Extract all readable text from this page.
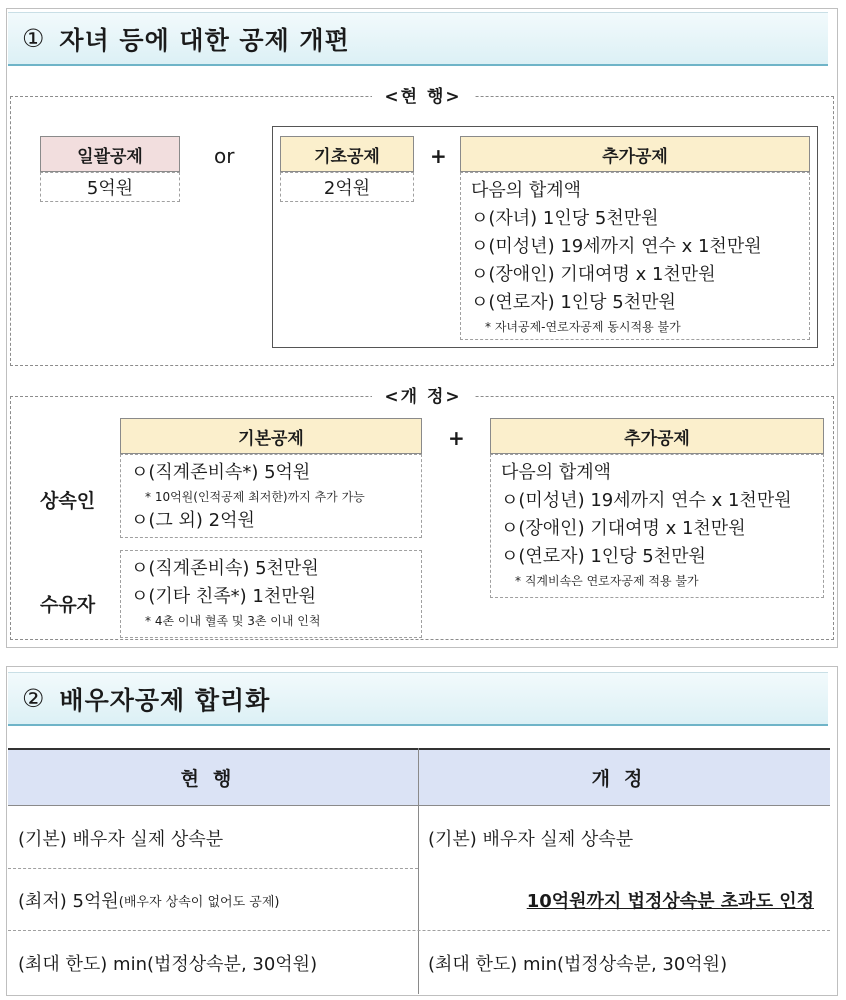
① 자녀 등에 대한 공제 개편
<현 행>
일괄공제
5억원
or	기초공제
2억원
+	추가공제
다음의 합계액
ㅇ(자녀) 1인당 5천만원
ㅇ(미성년) 19세까지 연수 x 1천만원
ㅇ(장애인) 기대여명 x 1천만원
ㅇ(연로자) 1인당 5천만원
* 자녀공제-연로자공제 동시적용 불가
<개 정>
기본공제
상속인
ㅇ(직계존비속*) 5억원
* 10억원(인적공제 최저한)까지 추가 가능
ㅇ(그 외) 2억원
수유자
ㅇ(직계존비속) 5천만원
ㅇ(기타 친족*) 1천만원
* 4촌 이내 혈족 및 3촌 이내 인척
+	추가공제
다음의 합계액
ㅇ(미성년) 19세까지 연수 x 1천만원
ㅇ(장애인) 기대여명 x 1천만원
ㅇ(연로자) 1인당 5천만원
* 직계비속은 연로자공제 적용 불가
② 배우자공제 합리화
현행	개정
(기본) 배우자 실제 상속분	(기본) 배우자 실제 상속분
(최저) 5억원 (배우자 상속이 없어도 공제)	10억원까지 법정상속분 초과도 인정
(최대 한도) min(법정상속분, 30억원)	(최대 한도) min(법정상속분, 30억원)
